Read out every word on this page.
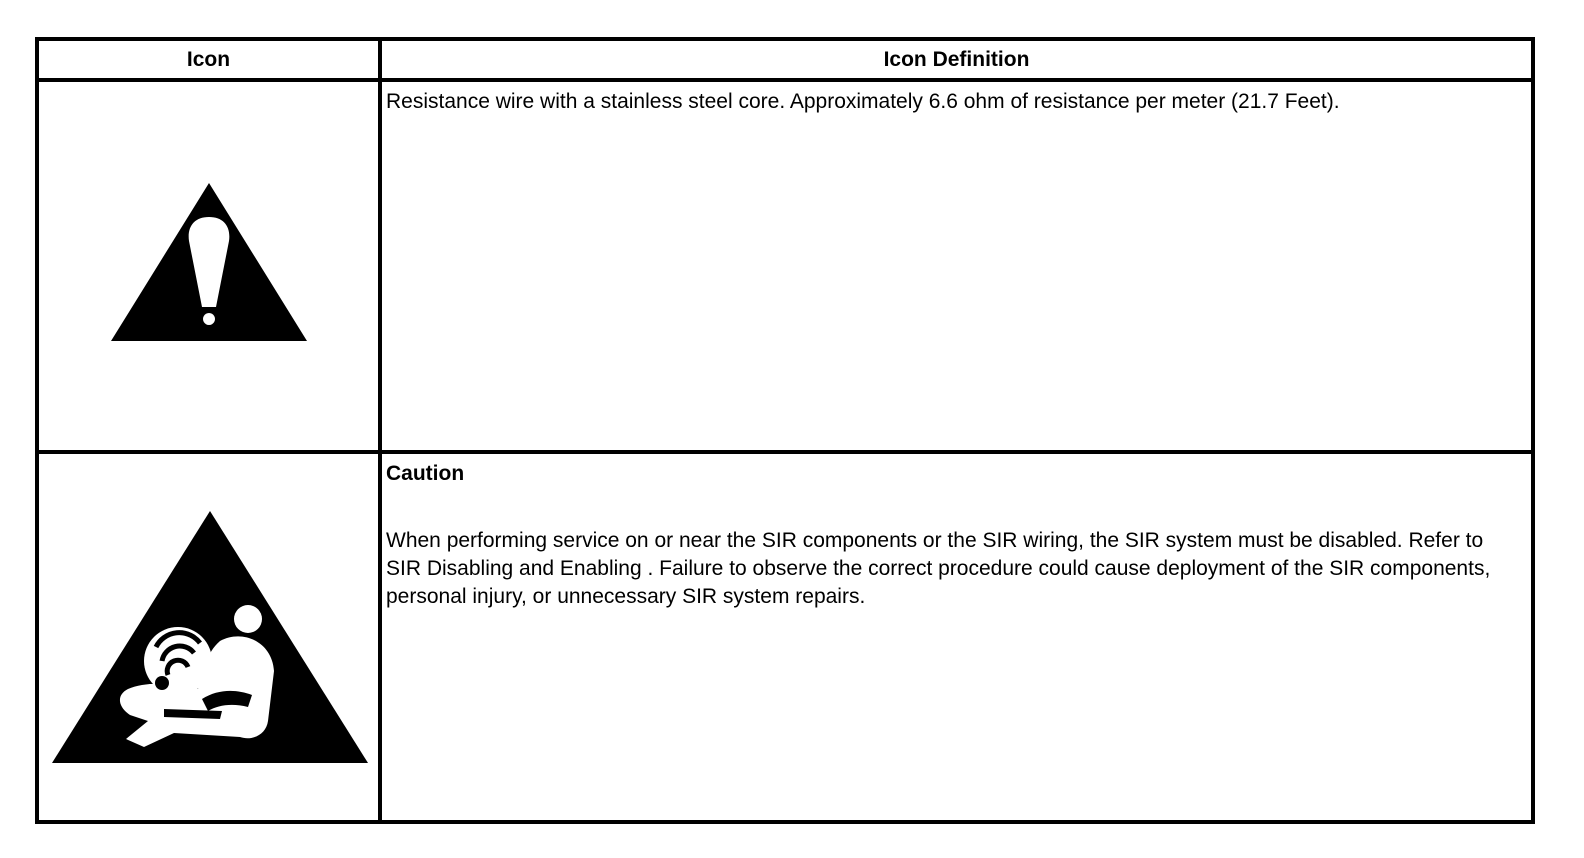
Icon	Icon Definition
Resistance wire with a stainless steel core. Approximately 6.6 ohm of resistance per meter (21.7 Feet).
Caution
When performing service on or near the SIR components or the SIR wiring, the SIR system must be disabled. Refer to SIR Disabling and Enabling . Failure to observe the correct procedure could cause deployment of the SIR components, personal injury, or unnecessary SIR system repairs.
